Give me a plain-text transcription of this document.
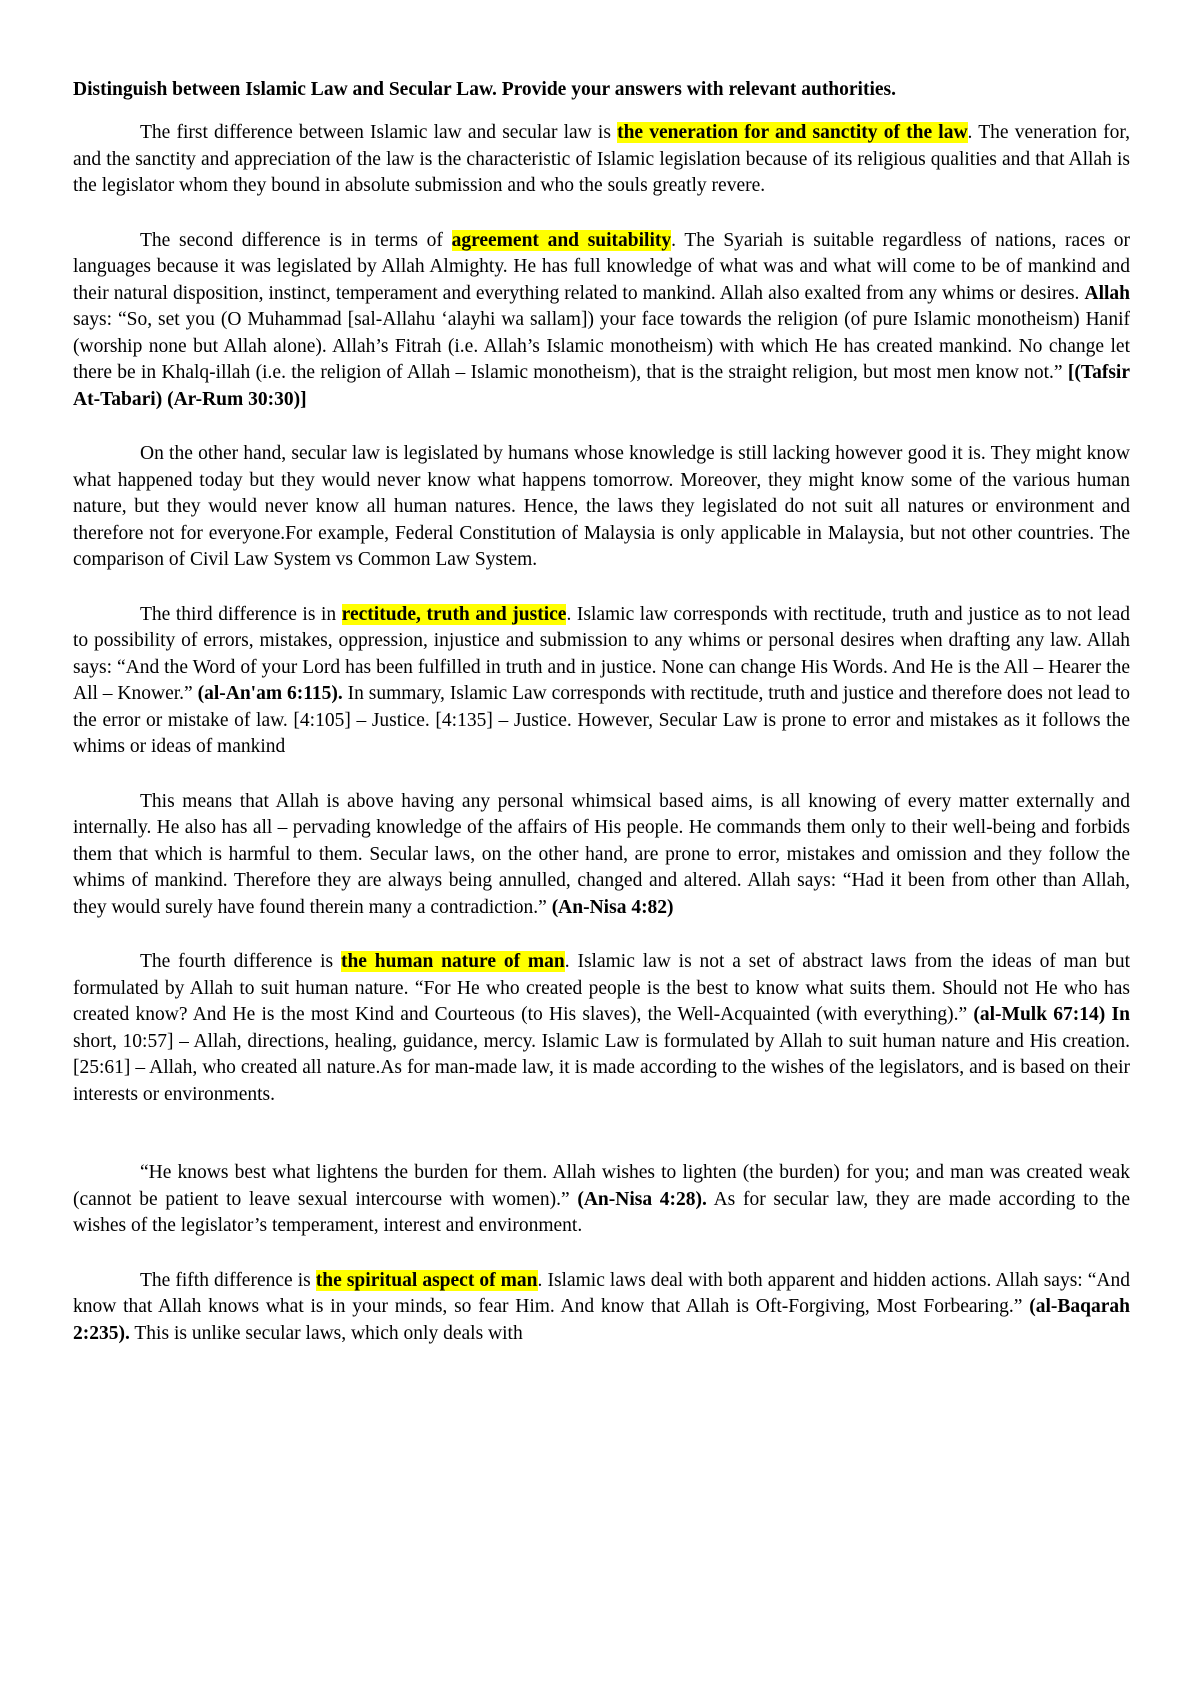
Distinguish between Islamic Law and Secular Law. Provide your answers with relevant authorities.

The first difference between Islamic law and secular law is the veneration for and sanctity of the law. The veneration for, and the sanctity and appreciation of the law is the characteristic of Islamic legislation because of its religious qualities and that Allah is the legislator whom they bound in absolute submission and who the souls greatly revere.

The second difference is in terms of agreement and suitability. The Syariah is suitable regardless of nations, races or languages because it was legislated by Allah Almighty. He has full knowledge of what was and what will come to be of mankind and their natural disposition, instinct, temperament and everything related to mankind. Allah also exalted from any whims or desires. Allah says: “So, set you (O Muhammad [sal-Allahu ‘alayhi wa sallam]) your face towards the religion (of pure Islamic monotheism) Hanif (worship none but Allah alone). Allah’s Fitrah (i.e. Allah’s Islamic monotheism) with which He has created mankind. No change let there be in Khalq-illah (i.e. the religion of Allah – Islamic monotheism), that is the straight religion, but most men know not.” [(Tafsir At-Tabari) (Ar-Rum 30:30)]

On the other hand, secular law is legislated by humans whose knowledge is still lacking however good it is. They might know what happened today but they would never know what happens tomorrow. Moreover, they might know some of the various human nature, but they would never know all human natures. Hence, the laws they legislated do not suit all natures or environment and therefore not for everyone.For example, Federal Constitution of Malaysia is only applicable in Malaysia, but not other countries. The comparison of Civil Law System vs Common Law System.

The third difference is in rectitude, truth and justice. Islamic law corresponds with rectitude, truth and justice as to not lead to possibility of errors, mistakes, oppression, injustice and submission to any whims or personal desires when drafting any law. Allah says: “And the Word of your Lord has been fulfilled in truth and in justice. None can change His Words. And He is the All – Hearer the All – Knower.” (al-An'am 6:115). In summary, Islamic Law corresponds with rectitude, truth and justice and therefore does not lead to the error or mistake of law. [4:105] – Justice. [4:135] – Justice. However, Secular Law is prone to error and mistakes as it follows the whims or ideas of mankind

This means that Allah is above having any personal whimsical based aims, is all knowing of every matter externally and internally. He also has all – pervading knowledge of the affairs of His people. He commands them only to their well-being and forbids them that which is harmful to them. Secular laws, on the other hand, are prone to error, mistakes and omission and they follow the whims of mankind. Therefore they are always being annulled, changed and altered. Allah says: “Had it been from other than Allah, they would surely have found therein many a contradiction.” (An-Nisa 4:82)

The fourth difference is the human nature of man. Islamic law is not a set of abstract laws from the ideas of man but formulated by Allah to suit human nature. “For He who created people is the best to know what suits them. Should not He who has created know? And He is the most Kind and Courteous (to His slaves), the Well-Acquainted (with everything).” (al-Mulk 67:14) In short, 10:57] – Allah, directions, healing, guidance, mercy. Islamic Law is formulated by Allah to suit human nature and His creation. [25:61] – Allah, who created all nature.As for man-made law, it is made according to the wishes of the legislators, and is based on their interests or environments.

“He knows best what lightens the burden for them. Allah wishes to lighten (the burden) for you; and man was created weak (cannot be patient to leave sexual intercourse with women).” (An-Nisa 4:28). As for secular law, they are made according to the wishes of the legislator’s temperament, interest and environment.

The fifth difference is the spiritual aspect of man. Islamic laws deal with both apparent and hidden actions. Allah says: “And know that Allah knows what is in your minds, so fear Him. And know that Allah is Oft-Forgiving, Most Forbearing.” (al-Baqarah 2:235). This is unlike secular laws, which only deals with
